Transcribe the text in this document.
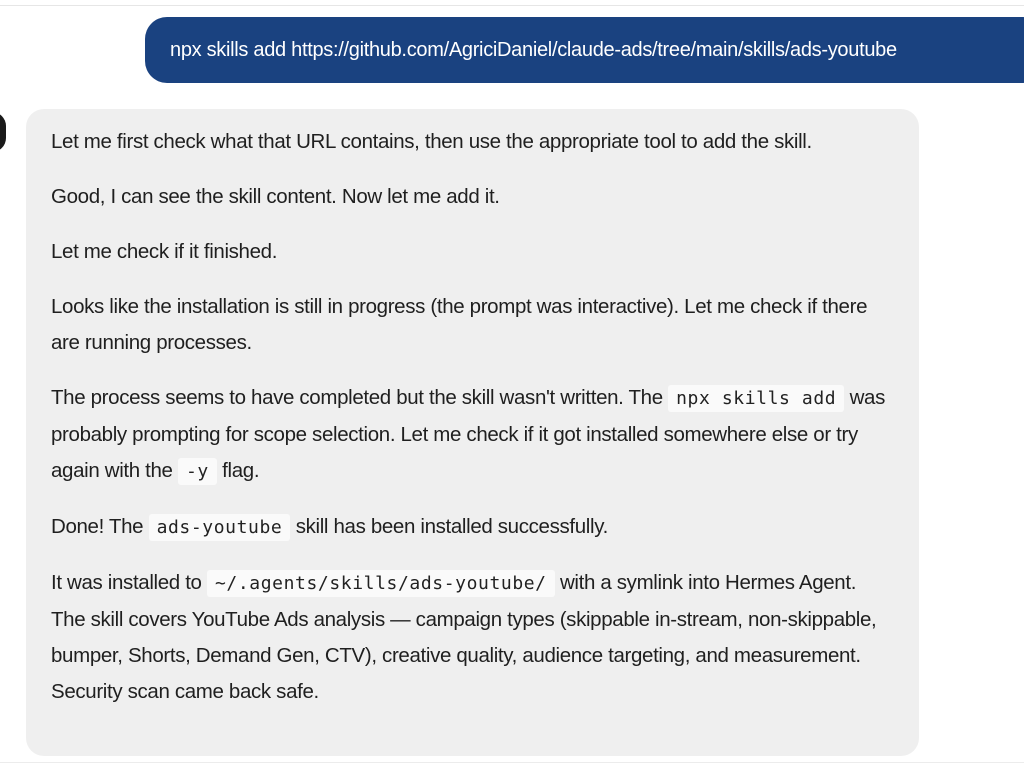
npx skills add https://github.com/AgriciDaniel/claude-ads/tree/main/skills/ads-youtube

Let me first check what that URL contains, then use the appropriate tool to add the skill.

Good, I can see the skill content. Now let me add it.

Let me check if it finished.

Looks like the installation is still in progress (the prompt was interactive). Let me check if there are running processes.

The process seems to have completed but the skill wasn't written. The npx skills add was probably prompting for scope selection. Let me check if it got installed somewhere else or try again with the -y flag.

Done! The ads-youtube skill has been installed successfully.

It was installed to ~/.agents/skills/ads-youtube/ with a symlink into Hermes Agent. The skill covers YouTube Ads analysis — campaign types (skippable in-stream, non-skippable, bumper, Shorts, Demand Gen, CTV), creative quality, audience targeting, and measurement. Security scan came back safe.
